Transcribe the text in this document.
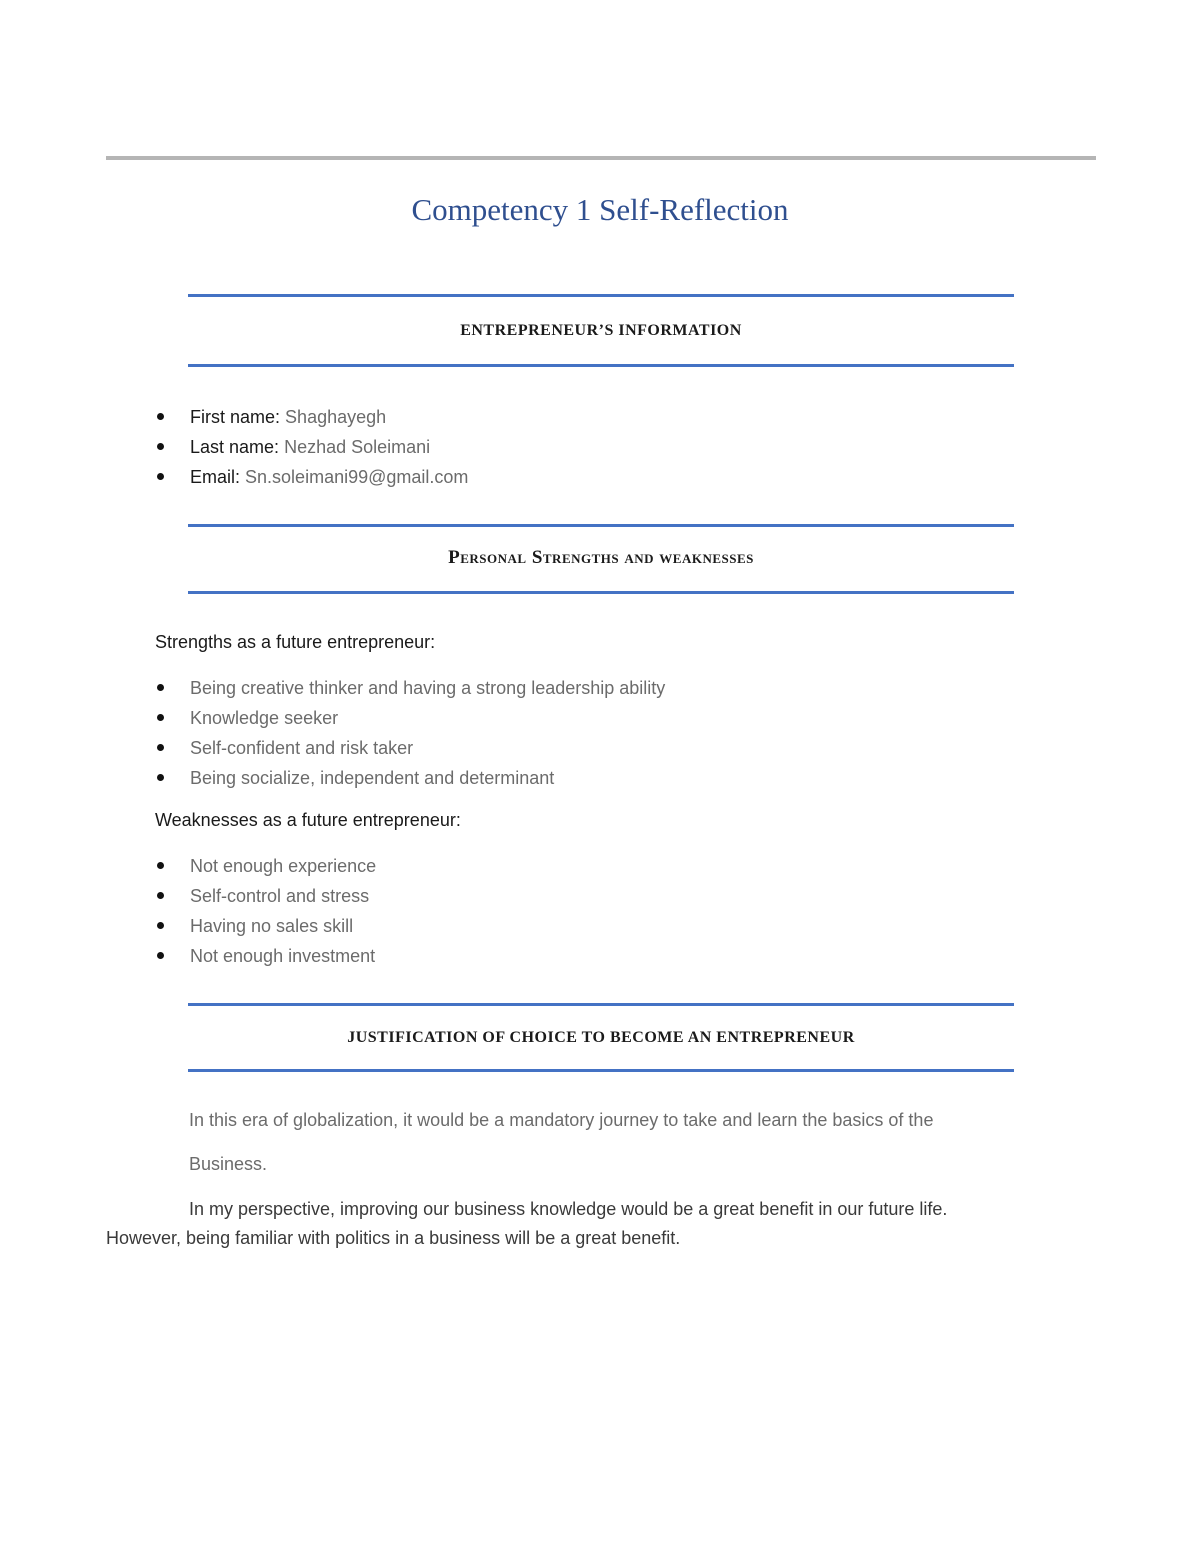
Competency 1 Self-Reflection
ENTREPRENEUR’S INFORMATION
First name: Shaghayegh
Last name: Nezhad Soleimani
Email: Sn.soleimani99@gmail.com
Personal Strengths and weaknesses

Strengths as a future entrepreneur:

Being creative thinker and having a strong leadership ability
Knowledge seeker
Self-confident and risk taker
Being socialize, independent and determinant

Weaknesses as a future entrepreneur:

Not enough experience
Self-control and stress
Having no sales skill
Not enough investment
JUSTIFICATION OF CHOICE TO BECOME AN ENTREPRENEUR

In this era of globalization, it would be a mandatory journey to take and learn the basics of the

Business.

In my perspective, improving our business knowledge would be a great benefit in our future life.

However, being familiar with politics in a business will be a great benefit.
